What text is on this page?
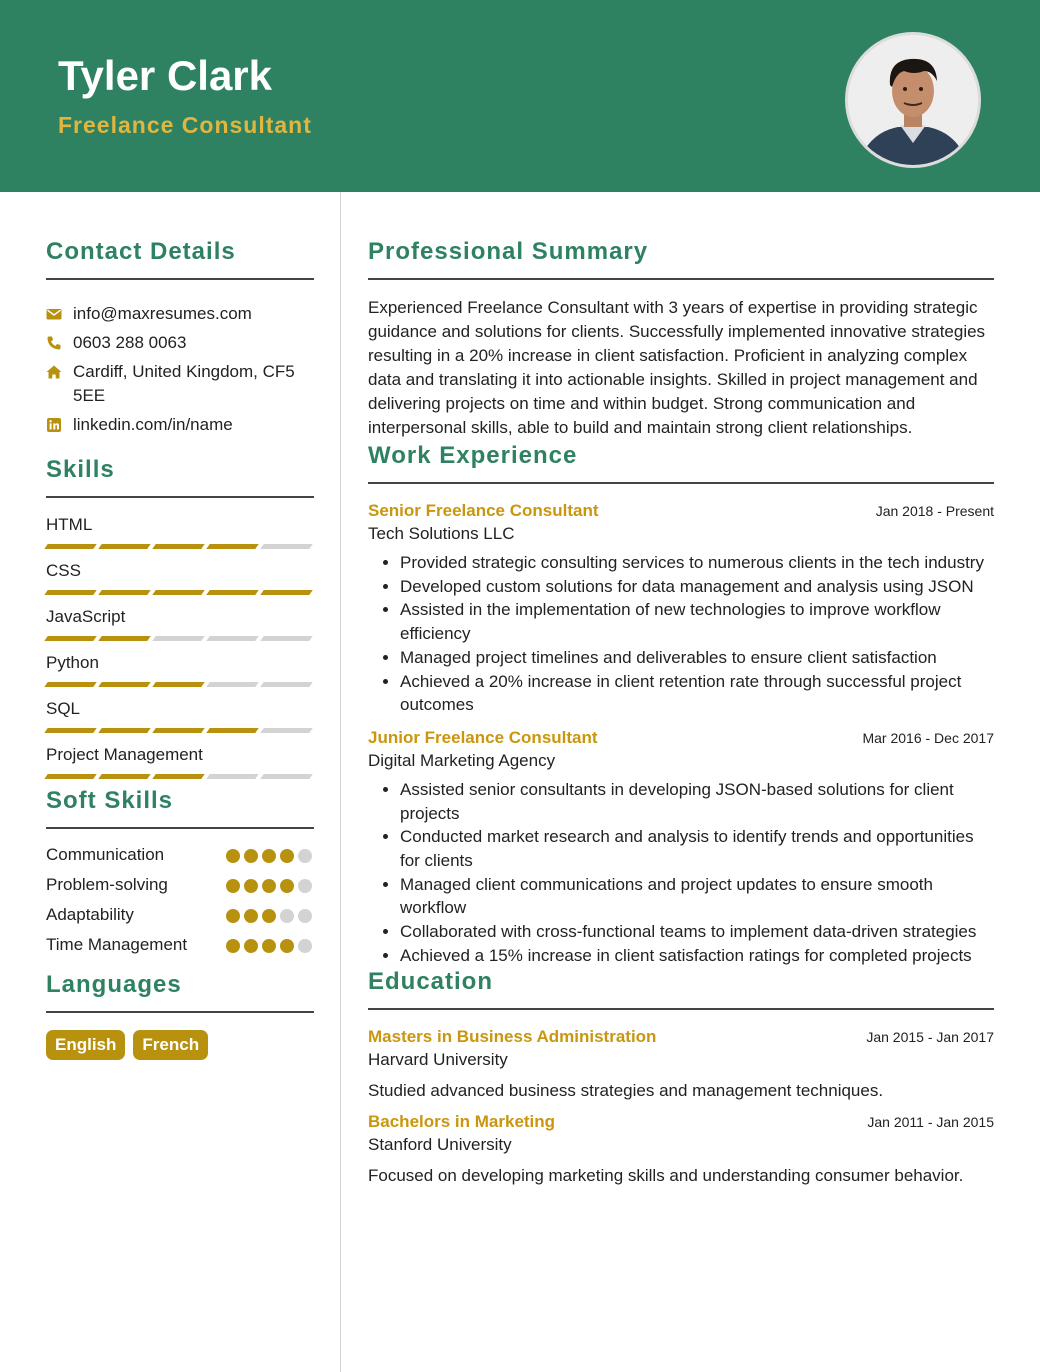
Tyler Clark
Freelance Consultant
Contact Details
info@maxresumes.com
0603 288 0063
Cardiff, United Kingdom, CF5 5EE
linkedin.com/in/name
Skills
HTML
CSS
JavaScript
Python
SQL
Project Management
Soft Skills
Communication
Problem-solving
Adaptability
Time Management
Languages
English	French
Professional Summary
Experienced Freelance Consultant with 3 years of expertise in providing strategic guidance and solutions for clients. Successfully implemented innovative strategies resulting in a 20% increase in client satisfaction. Proficient in analyzing complex data and translating it into actionable insights. Skilled in project management and delivering projects on time and within budget. Strong communication and interpersonal skills, able to build and maintain strong client relationships.
Work Experience
Senior Freelance Consultant	Jan 2018 - Present
Tech Solutions LLC
• Provided strategic consulting services to numerous clients in the tech industry
• Developed custom solutions for data management and analysis using JSON
• Assisted in the implementation of new technologies to improve workflow efficiency
• Managed project timelines and deliverables to ensure client satisfaction
• Achieved a 20% increase in client retention rate through successful project outcomes
Junior Freelance Consultant	Mar 2016 - Dec 2017
Digital Marketing Agency
• Assisted senior consultants in developing JSON-based solutions for client projects
• Conducted market research and analysis to identify trends and opportunities for clients
• Managed client communications and project updates to ensure smooth workflow
• Collaborated with cross-functional teams to implement data-driven strategies
• Achieved a 15% increase in client satisfaction ratings for completed projects
Education
Masters in Business Administration	Jan 2015 - Jan 2017
Harvard University
Studied advanced business strategies and management techniques.
Bachelors in Marketing	Jan 2011 - Jan 2015
Stanford University
Focused on developing marketing skills and understanding consumer behavior.
